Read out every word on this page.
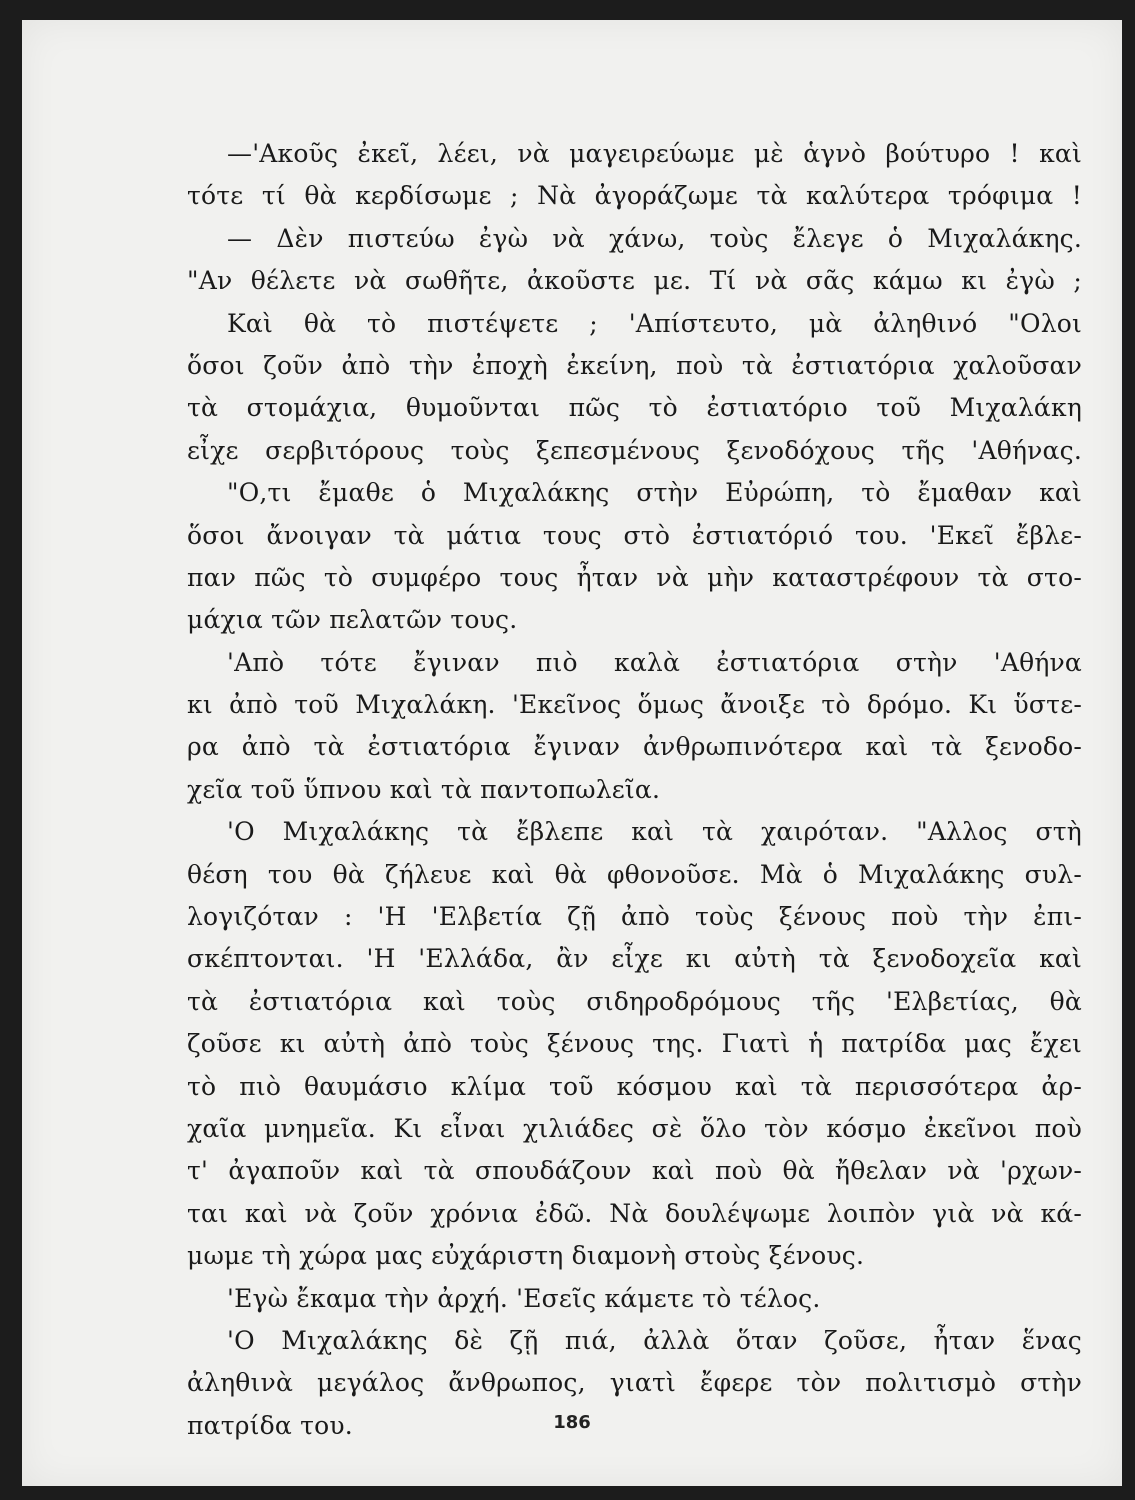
—'Ακοῦς ἐκεῖ, λέει, νὰ μαγειρεύωμε μὲ ἁγνὸ βούτυρο ! καὶ
τότε τί θὰ κερδίσωμε ; Νὰ ἀγοράζωμε τὰ καλύτερα τρόφιμα !
— Δὲν πιστεύω ἐγὼ νὰ χάνω, τοὺς ἔλεγε ὁ Μιχαλάκης.
"Αν θέλετε νὰ σωθῆτε, ἀκοῦστε με. Τί νὰ σᾶς κάμω κι ἐγὼ ;
Καὶ θὰ τὸ πιστέψετε ; 'Απίστευτο, μὰ ἀληθινό "Ολοι
ὅσοι ζοῦν ἀπὸ τὴν ἐποχὴ ἐκείνη, ποὺ τὰ ἐστιατόρια χαλοῦσαν
τὰ στομάχια, θυμοῦνται πῶς τὸ ἐστιατόριο τοῦ Μιχαλάκη
εἶχε σερβιτόρους τοὺς ξεπεσμένους ξενοδόχους τῆς 'Αθήνας.
"Ο,τι ἔμαθε ὁ Μιχαλάκης στὴν Εὐρώπη, τὸ ἔμαθαν καὶ
ὅσοι ἄνοιγαν τὰ μάτια τους στὸ ἐστιατόριό του. 'Εκεῖ ἔβλε-
παν πῶς τὸ συμφέρο τους ἦταν νὰ μὴν καταστρέφουν τὰ στο-
μάχια τῶν πελατῶν τους.
'Απὸ τότε ἔγιναν πιὸ καλὰ ἐστιατόρια στὴν 'Αθήνα
κι ἀπὸ τοῦ Μιχαλάκη. 'Εκεῖνος ὅμως ἄνοιξε τὸ δρόμο. Κι ὕστε-
ρα ἀπὸ τὰ ἐστιατόρια ἔγιναν ἀνθρωπινότερα καὶ τὰ ξενοδο-
χεῖα τοῦ ὕπνου καὶ τὰ παντοπωλεῖα.
'Ο Μιχαλάκης τὰ ἔβλεπε καὶ τὰ χαιρόταν. "Αλλος στὴ
θέση του θὰ ζήλευε καὶ θὰ φθονοῦσε. Μὰ ὁ Μιχαλάκης συλ-
λογιζόταν : 'Η 'Ελβετία ζῇ ἀπὸ τοὺς ξένους ποὺ τὴν ἐπι-
σκέπτονται. 'Η 'Ελλάδα, ἂν εἶχε κι αὐτὴ τὰ ξενοδοχεῖα καὶ
τὰ ἐστιατόρια καὶ τοὺς σιδηροδρόμους τῆς 'Ελβετίας, θὰ
ζοῦσε κι αὐτὴ ἀπὸ τοὺς ξένους της. Γιατὶ ἡ πατρίδα μας ἔχει
τὸ πιὸ θαυμάσιο κλίμα τοῦ κόσμου καὶ τὰ περισσότερα ἀρ-
χαῖα μνημεῖα. Κι εἶναι χιλιάδες σὲ ὅλο τὸν κόσμο ἐκεῖνοι ποὺ
τ' ἀγαποῦν καὶ τὰ σπουδάζουν καὶ ποὺ θὰ ἤθελαν νὰ 'ρχων-
ται καὶ νὰ ζοῦν χρόνια ἐδῶ. Νὰ δουλέψωμε λοιπὸν γιὰ νὰ κά-
μωμε τὴ χώρα μας εὐχάριστη διαμονὴ στοὺς ξένους.
'Εγὼ ἔκαμα τὴν ἀρχή. 'Εσεῖς κάμετε τὸ τέλος.
'Ο Μιχαλάκης δὲ ζῇ πιά, ἀλλὰ ὅταν ζοῦσε, ἦταν ἕνας
ἀληθινὰ μεγάλος ἄνθρωπος, γιατὶ ἔφερε τὸν πολιτισμὸ στὴν
πατρίδα του.	186
